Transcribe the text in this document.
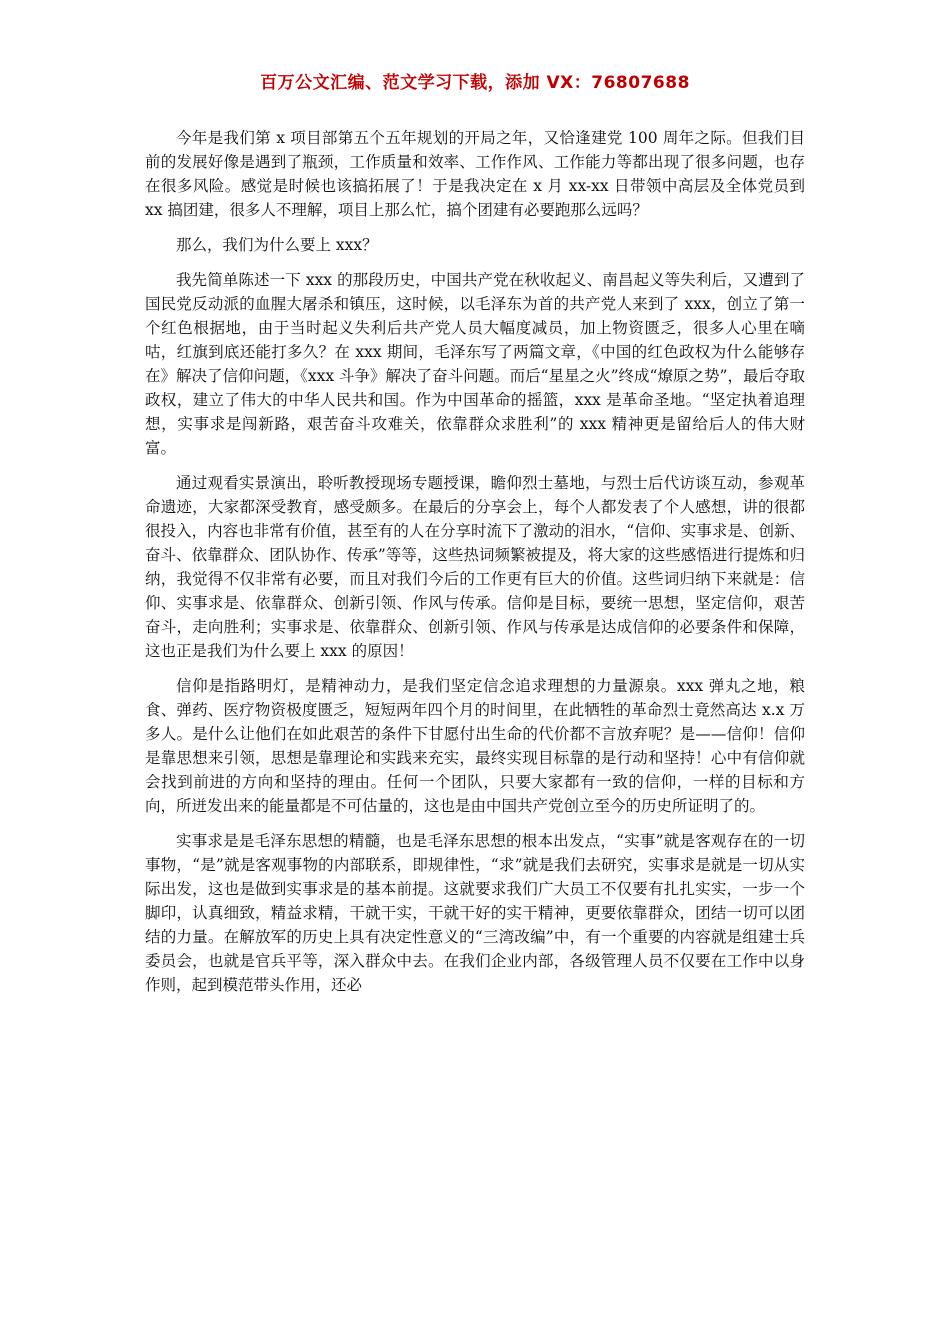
百万公文汇编、范文学习下载，添加 VX：76807688

今年是我们第 x 项目部第五个五年规划的开局之年，又恰逢建党 100 周年之际。但我们目前的发展好像是遇到了瓶颈，工作质量和效率、工作作风、工作能力等都出现了很多问题，也存在很多风险。感觉是时候也该搞拓展了！于是我决定在 x 月 xx-xx 日带领中高层及全体党员到 xx 搞团建，很多人不理解，项目上那么忙，搞个团建有必要跑那么远吗？

那么，我们为什么要上 xxx？

我先简单陈述一下 xxx 的那段历史，中国共产党在秋收起义、南昌起义等失利后，又遭到了国民党反动派的血腥大屠杀和镇压，这时候，以毛泽东为首的共产党人来到了 xxx，创立了第一个红色根据地，由于当时起义失利后共产党人员大幅度减员，加上物资匮乏，很多人心里在嘀咕，红旗到底还能打多久？在 xxx 期间，毛泽东写了两篇文章，《中国的红色政权为什么能够存在》解决了信仰问题，《xxx 斗争》解决了奋斗问题。而后“星星之火”终成“燎原之势”，最后夺取政权，建立了伟大的中华人民共和国。作为中国革命的摇篮，xxx 是革命圣地。“坚定执着追理想，实事求是闯新路，艰苦奋斗攻难关，依靠群众求胜利”的 xxx 精神更是留给后人的伟大财富。

通过观看实景演出，聆听教授现场专题授课，瞻仰烈士墓地，与烈士后代访谈互动，参观革命遗迹，大家都深受教育，感受颇多。在最后的分享会上，每个人都发表了个人感想，讲的很都很投入，内容也非常有价值，甚至有的人在分享时流下了激动的泪水，“信仰、实事求是、创新、奋斗、依靠群众、团队协作、传承”等等，这些热词频繁被提及，将大家的这些感悟进行提炼和归纳，我觉得不仅非常有必要，而且对我们今后的工作更有巨大的价值。这些词归纳下来就是：信仰、实事求是、依靠群众、创新引领、作风与传承。信仰是目标，要统一思想，坚定信仰，艰苦奋斗，走向胜利；实事求是、依靠群众、创新引领、作风与传承是达成信仰的必要条件和保障，这也正是我们为什么要上 xxx 的原因！

信仰是指路明灯，是精神动力，是我们坚定信念追求理想的力量源泉。xxx 弹丸之地，粮食、弹药、医疗物资极度匮乏，短短两年四个月的时间里，在此牺牲的革命烈士竟然高达 x.x 万多人。是什么让他们在如此艰苦的条件下甘愿付出生命的代价都不言放弃呢？是——信仰！信仰是靠思想来引领，思想是靠理论和实践来充实，最终实现目标靠的是行动和坚持！心中有信仰就会找到前进的方向和坚持的理由。任何一个团队，只要大家都有一致的信仰，一样的目标和方向，所迸发出来的能量都是不可估量的，这也是由中国共产党创立至今的历史所证明了的。

实事求是是毛泽东思想的精髓，也是毛泽东思想的根本出发点，“实事”就是客观存在的一切事物，“是”就是客观事物的内部联系，即规律性，“求”就是我们去研究，实事求是就是一切从实际出发，这也是做到实事求是的基本前提。这就要求我们广大员工不仅要有扎扎实实，一步一个脚印，认真细致，精益求精，干就干实，干就干好的实干精神，更要依靠群众，团结一切可以团结的力量。在解放军的历史上具有决定性意义的“三湾改编”中，有一个重要的内容就是组建士兵委员会，也就是官兵平等，深入群众中去。在我们企业内部，各级管理人员不仅要在工作中以身作则，起到模范带头作用，还必
